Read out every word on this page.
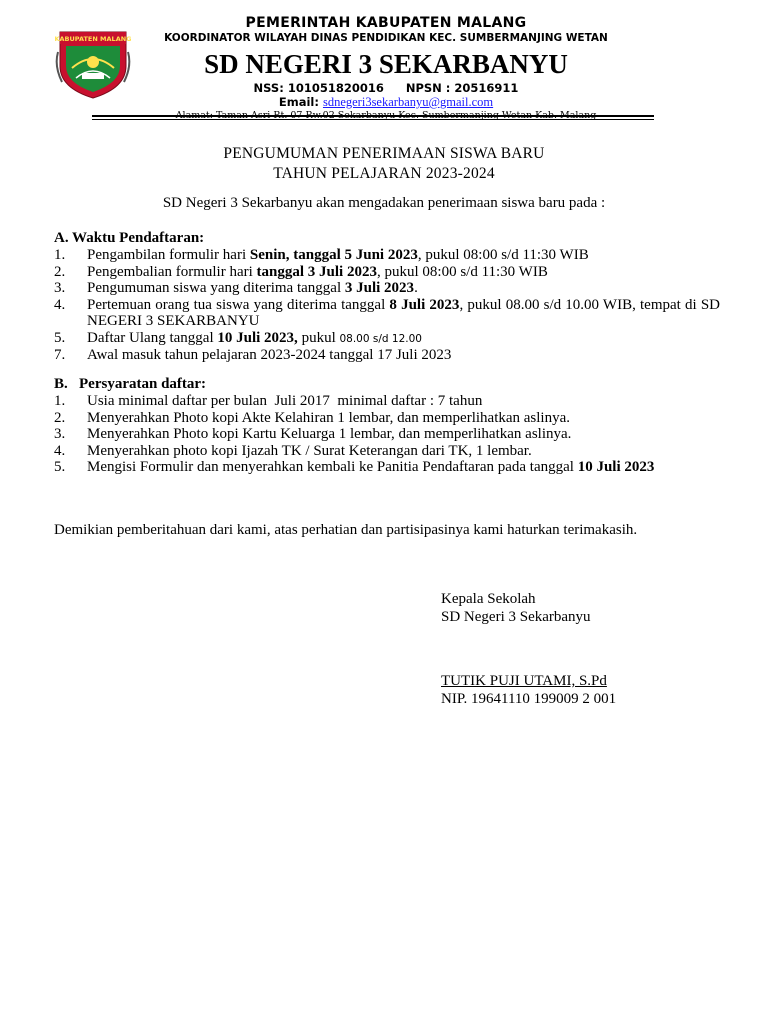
KABUPATEN MALANG
PEMERINTAH KABUPATEN MALANG
KOORDINATOR WILAYAH DINAS PENDIDIKAN KEC. SUMBERMANJING WETAN
SD NEGERI 3 SEKARBANYU
NSS: 101051820016 NPSN : 20516911
Email: sdnegeri3sekarbanyu@gmail.com
Alamat: Taman Asri Rt. 07 Rw.02 Sekarbanyu Kec. Sumbermanjing Wetan Kab. Malang
PENGUMUMAN PENERIMAAN SISWA BARU
TAHUN PELAJARAN 2023-2024
SD Negeri 3 Sekarbanyu akan mengadakan penerimaan siswa baru pada :
A. Waktu Pendaftaran:
1. Pengambilan formulir hari Senin, tanggal 5 Juni 2023, pukul 08:00 s/d 11:30 WIB
2. Pengembalian formulir hari tanggal 3 Juli 2023, pukul 08:00 s/d 11:30 WIB
3. Pengumuman siswa yang diterima tanggal 3 Juli 2023.
4. Pertemuan orang tua siswa yang diterima tanggal 8 Juli 2023, pukul 08.00 s/d 10.00 WIB, tempat di SD NEGERI 3 SEKARBANYU
5. Daftar Ulang tanggal 10 Juli 2023, pukul 08.00 s/d 12.00
7. Awal masuk tahun pelajaran 2023-2024 tanggal 17 Juli 2023
B.   Persyaratan daftar:
1. Usia minimal daftar per bulan  Juli 2017  minimal daftar : 7 tahun
2. Menyerahkan Photo kopi Akte Kelahiran 1 lembar, dan memperlihatkan aslinya.
3. Menyerahkan Photo kopi Kartu Keluarga 1 lembar, dan memperlihatkan aslinya.
4. Menyerahkan photo kopi Ijazah TK / Surat Keterangan dari TK, 1 lembar.
5. Mengisi Formulir dan menyerahkan kembali ke Panitia Pendaftaran pada tanggal 10 Juli 2023
Demikian pemberitahuan dari kami, atas perhatian dan partisipasinya kami haturkan terimakasih.
Kepala Sekolah
SD Negeri 3 Sekarbanyu
TUTIK PUJI UTAMI, S.Pd
NIP. 19641110 199009 2 001
